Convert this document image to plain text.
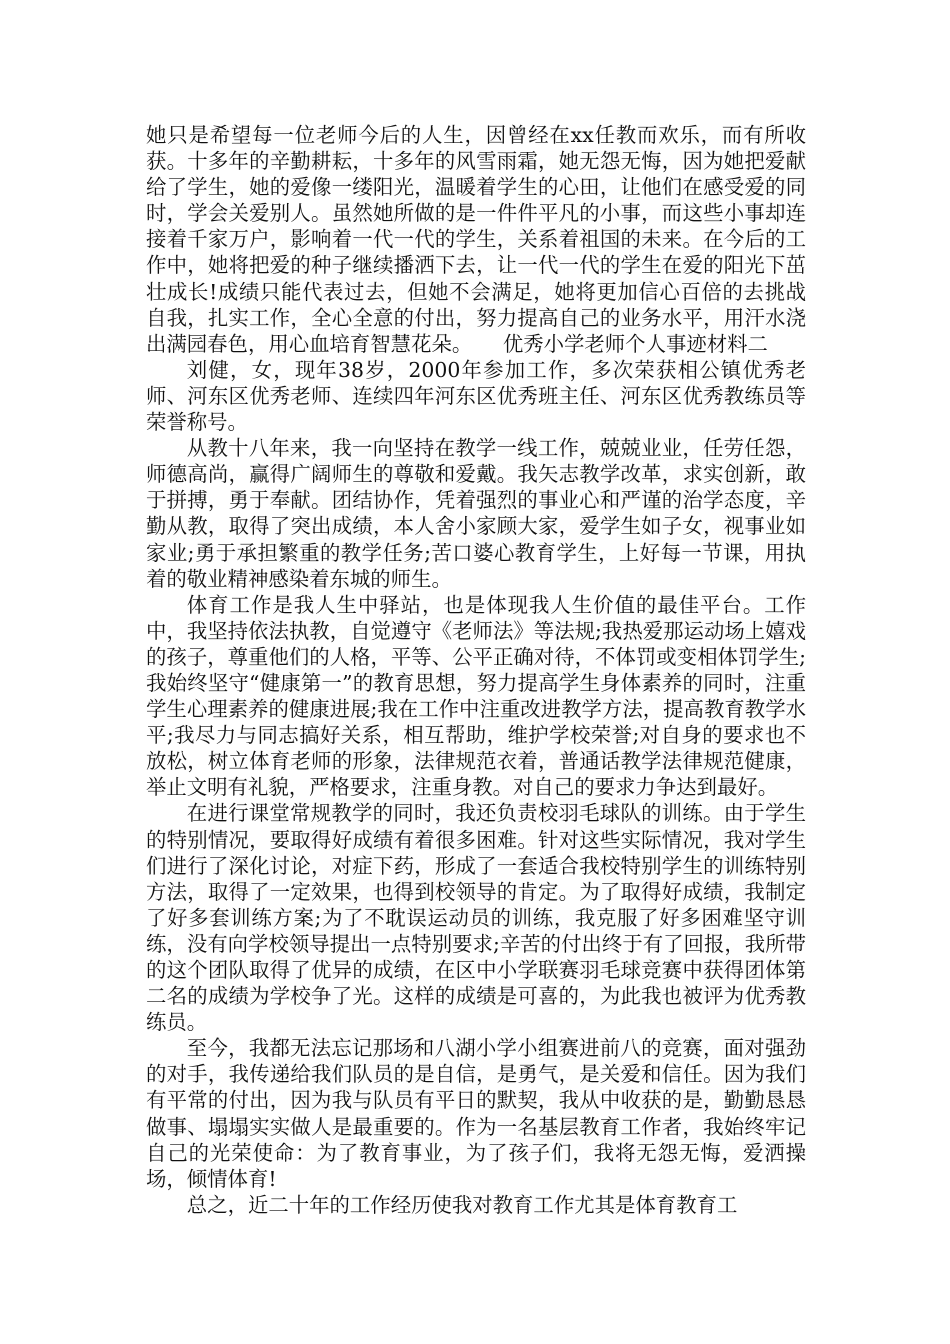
她只是希望每一位老师今后的人生，因曾经在xx任教而欢乐，而有所收获。十多年的辛勤耕耘，十多年的风雪雨霜，她无怨无悔，因为她把爱献给了学生，她的爱像一缕阳光，温暖着学生的心田，让他们在感受爱的同时，学会关爱别人。虽然她所做的是一件件平凡的小事，而这些小事却连接着千家万户，影响着一代一代的学生，关系着祖国的未来。在今后的工作中，她将把爱的种子继续播洒下去，让一代一代的学生在爱的阳光下茁壮成长!成绩只能代表过去，但她不会满足，她将更加信心百倍的去挑战自我，扎实工作，全心全意的付出，努力提高自己的业务水平，用汗水浇出满园春色，用心血培育智慧花朵。　　优秀小学老师个人事迹材料二

刘健，女，现年38岁，2000年参加工作，多次荣获相公镇优秀老师、河东区优秀老师、连续四年河东区优秀班主任、河东区优秀教练员等荣誉称号。

从教十八年来，我一向坚持在教学一线工作，兢兢业业，任劳任怨，师德高尚，赢得广阔师生的尊敬和爱戴。我矢志教学改革，求实创新，敢于拼搏，勇于奉献。团结协作，凭着强烈的事业心和严谨的治学态度，辛勤从教，取得了突出成绩，本人舍小家顾大家，爱学生如子女，视事业如家业;勇于承担繁重的教学任务;苦口婆心教育学生，上好每一节课，用执着的敬业精神感染着东城的师生。

体育工作是我人生中驿站，也是体现我人生价值的最佳平台。工作中，我坚持依法执教，自觉遵守《老师法》等法规;我热爱那运动场上嬉戏的孩子，尊重他们的人格，平等、公平正确对待，不体罚或变相体罚学生;我始终坚守“健康第一”的教育思想，努力提高学生身体素养的同时，注重学生心理素养的健康进展;我在工作中注重改进教学方法，提高教育教学水平;我尽力与同志搞好关系，相互帮助，维护学校荣誉;对自身的要求也不放松，树立体育老师的形象，法律规范衣着，普通话教学法律规范健康，举止文明有礼貌，严格要求，注重身教。对自己的要求力争达到最好。

在进行课堂常规教学的同时，我还负责校羽毛球队的训练。由于学生的特别情况，要取得好成绩有着很多困难。针对这些实际情况，我对学生们进行了深化讨论，对症下药，形成了一套适合我校特别学生的训练特别方法，取得了一定效果，也得到校领导的肯定。为了取得好成绩，我制定了好多套训练方案;为了不耽误运动员的训练，我克服了好多困难坚守训练，没有向学校领导提出一点特别要求;辛苦的付出终于有了回报，我所带的这个团队取得了优异的成绩，在区中小学联赛羽毛球竞赛中获得团体第二名的成绩为学校争了光。这样的成绩是可喜的，为此我也被评为优秀教练员。

至今，我都无法忘记那场和八湖小学小组赛进前八的竞赛，面对强劲的对手，我传递给我们队员的是自信，是勇气，是关爱和信任。因为我们有平常的付出，因为我与队员有平日的默契，我从中收获的是，勤勤恳恳做事、塌塌实实做人是最重要的。作为一名基层教育工作者，我始终牢记自己的光荣使命：为了教育事业，为了孩子们，我将无怨无悔，爱洒操场，倾情体育!

总之，近二十年的工作经历使我对教育工作尤其是体育教育工
